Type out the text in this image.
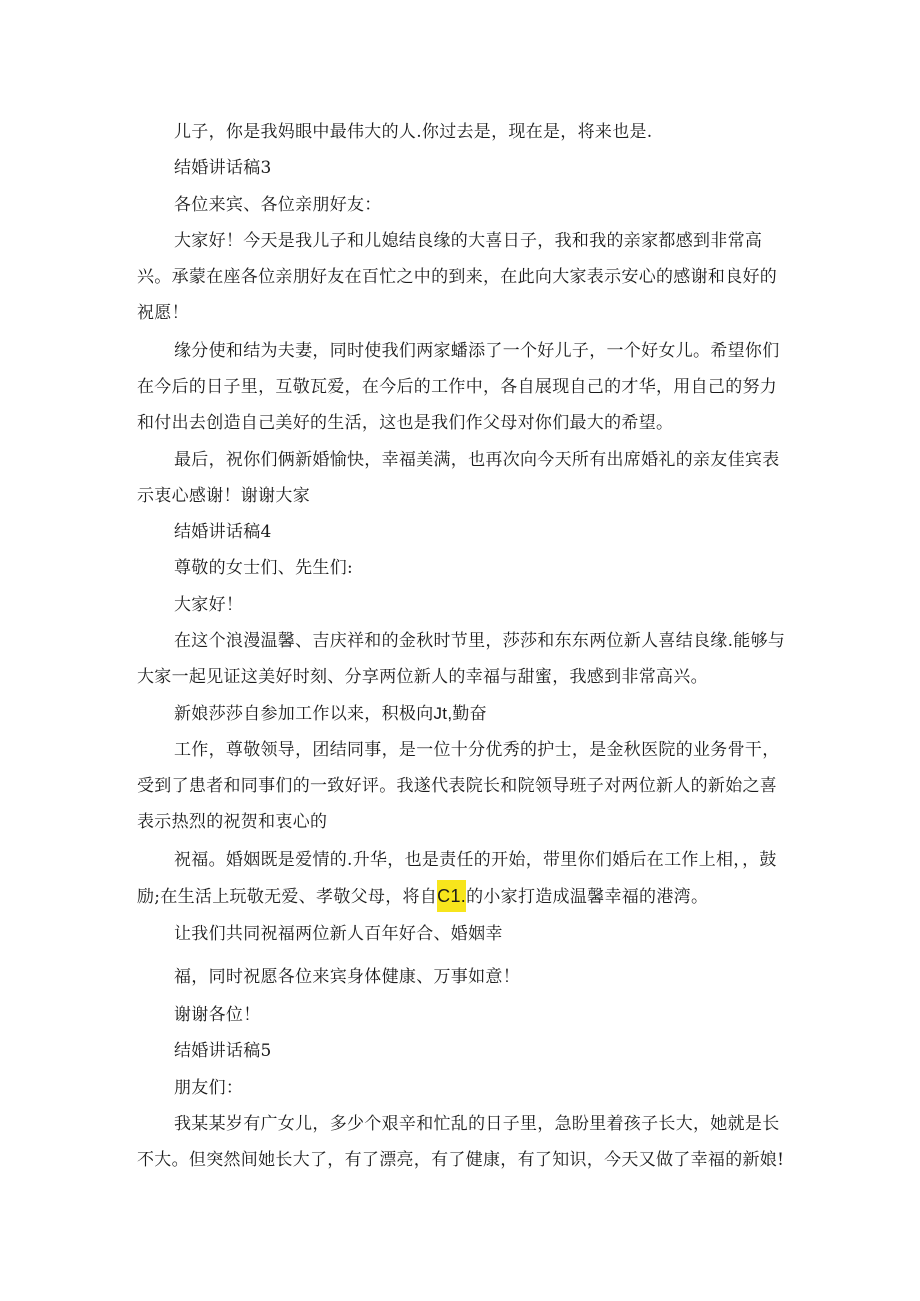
儿子，你是我妈眼中最伟大的人.你过去是，现在是，将来也是.

结婚讲话稿3

各位来宾、各位亲朋好友：

大家好！今天是我儿子和儿媳结良缘的大喜日子，我和我的亲家都感到非常高兴。承蒙在座各位亲朋好友在百忙之中的到来，在此向大家表示安心的感谢和良好的祝愿！

缘分使和结为夫妻，同时使我们两家蟠添了一个好儿子，一个好女儿。希望你们在今后的日子里，互敬瓦爱，在今后的工作中，各自展现自己的才华，用自己的努力和付出去创造自己美好的生活，这也是我们作父母对你们最大的希望。

最后，祝你们俩新婚愉快，幸福美满，也再次向今天所有出席婚礼的亲友佳宾表示衷心感谢！谢谢大家

结婚讲话稿4

尊敬的女士们、先生们:

大家好！

在这个浪漫温馨、吉庆祥和的金秋时节里，莎莎和东东两位新人喜结良缘.能够与大家一起见证这美好时刻、分享两位新人的幸福与甜蜜，我感到非常高兴。

新娘莎莎自参加工作以来，积极向Jt,勤奋

工作，尊敬领导，团结同事，是一位十分优秀的护士，是金秋医院的业务骨干，受到了患者和同事们的一致好评。我遂代表院长和院领导班子对两位新人的新始之喜表示热烈的祝贺和衷心的

祝福。婚姻既是爱情的.升华，也是责任的开始，带里你们婚后在工作上相，，鼓励;在生活上玩敬无爱、孝敬父母，将自C1.的小家打造成温馨幸福的港湾。

让我们共同祝福两位新人百年好合、婚姻幸

福，同时祝愿各位来宾身体健康、万事如意！

谢谢各位！

结婚讲话稿5

朋友们：

我某某岁有广女儿，多少个艰辛和忙乱的日子里，急盼里着孩子长大，她就是长不大。但突然间她长大了，有了漂亮，有了健康，有了知识，今天又做了幸福的新娘!
